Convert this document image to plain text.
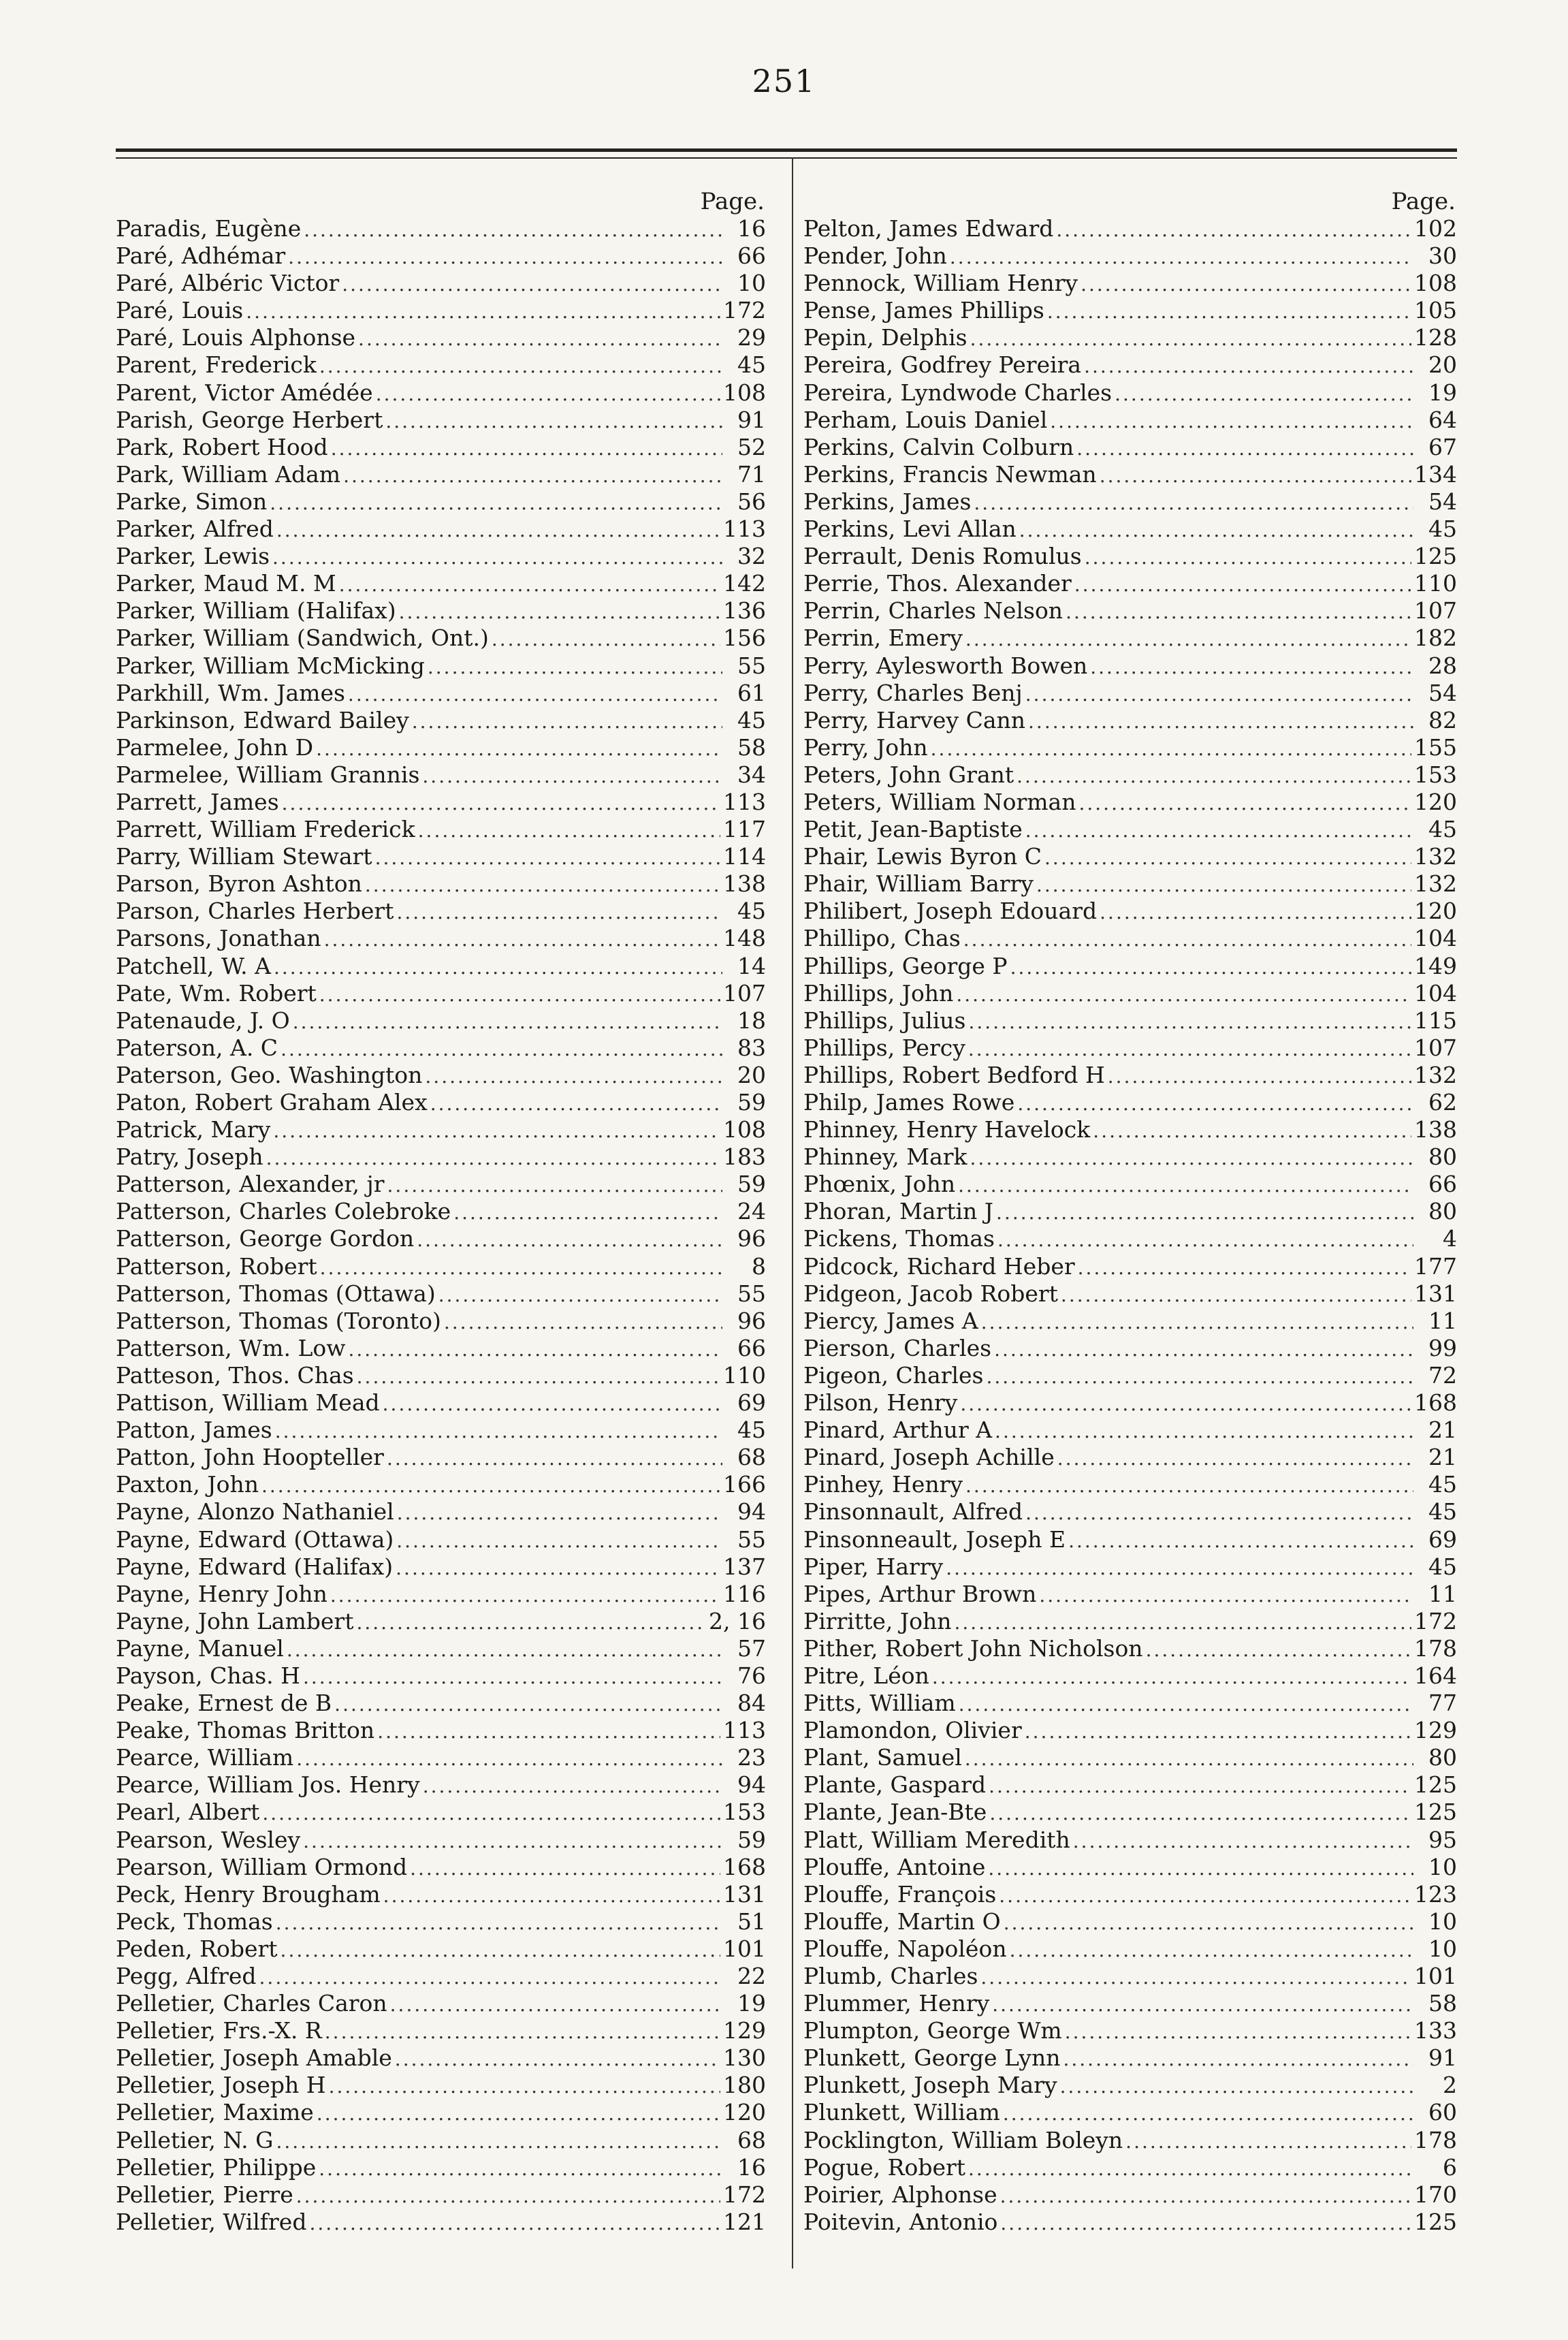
251
Page.
Paradis, Eugène .....	16
Paré, Adhémar .....	66
Paré, Albéric Victor .....	10
Paré, Louis .....	172
Paré, Louis Alphonse .....	29
Parent, Frederick .....	45
Parent, Victor Amédée .....	108
Parish, George Herbert .....	91
Park, Robert Hood .....	52
Park, William Adam .....	71
Parke, Simon .....	56
Parker, Alfred .....	113
Parker, Lewis .....	32
Parker, Maud M. M .....	142
Parker, William (Halifax) .....	136
Parker, William (Sandwich, Ont.) .....	156
Parker, William McMicking .....	55
Parkhill, Wm. James .....	61
Parkinson, Edward Bailey .....	45
Parmelee, John D .....	58
Parmelee, William Grannis .....	34
Parrett, James .....	113
Parrett, William Frederick .....	117
Parry, William Stewart .....	114
Parson, Byron Ashton .....	138
Parson, Charles Herbert .....	45
Parsons, Jonathan .....	148
Patchell, W. A .....	14
Pate, Wm. Robert .....	107
Patenaude, J. O .....	18
Paterson, A. C .....	83
Paterson, Geo. Washington .....	20
Paton, Robert Graham Alex .....	59
Patrick, Mary .....	108
Patry, Joseph .....	183
Patterson, Alexander, jr .....	59
Patterson, Charles Colebroke .....	24
Patterson, George Gordon .....	96
Patterson, Robert .....	8
Patterson, Thomas (Ottawa) .....	55
Patterson, Thomas (Toronto) .....	96
Patterson, Wm. Low .....	66
Patteson, Thos. Chas .....	110
Pattison, William Mead .....	69
Patton, James .....	45
Patton, John Hoopteller .....	68
Paxton, John .....	166
Payne, Alonzo Nathaniel .....	94
Payne, Edward (Ottawa) .....	55
Payne, Edward (Halifax) .....	137
Payne, Henry John .....	116
Payne, John Lambert .....	2, 16
Payne, Manuel .....	57
Payson, Chas. H .....	76
Peake, Ernest de B .....	84
Peake, Thomas Britton .....	113
Pearce, William .....	23
Pearce, William Jos. Henry .....	94
Pearl, Albert .....	153
Pearson, Wesley .....	59
Pearson, William Ormond .....	168
Peck, Henry Brougham .....	131
Peck, Thomas .....	51
Peden, Robert .....	101
Pegg, Alfred .....	22
Pelletier, Charles Caron .....	19
Pelletier, Frs.-X. R .....	129
Pelletier, Joseph Amable .....	130
Pelletier, Joseph H .....	180
Pelletier, Maxime .....	120
Pelletier, N. G .....	68
Pelletier, Philippe .....	16
Pelletier, Pierre .....	172
Pelletier, Wilfred .....	121
Page.
Pelton, James Edward .....	102
Pender, John .....	30
Pennock, William Henry .....	108
Pense, James Phillips .....	105
Pepin, Delphis .....	128
Pereira, Godfrey Pereira .....	20
Pereira, Lyndwode Charles .....	19
Perham, Louis Daniel .....	64
Perkins, Calvin Colburn .....	67
Perkins, Francis Newman .....	134
Perkins, James .....	54
Perkins, Levi Allan .....	45
Perrault, Denis Romulus .....	125
Perrie, Thos. Alexander .....	110
Perrin, Charles Nelson .....	107
Perrin, Emery .....	182
Perry, Aylesworth Bowen .....	28
Perry, Charles Benj .....	54
Perry, Harvey Cann .....	82
Perry, John .....	155
Peters, John Grant .....	153
Peters, William Norman .....	120
Petit, Jean-Baptiste .....	45
Phair, Lewis Byron C .....	132
Phair, William Barry .....	132
Philibert, Joseph Edouard .....	120
Phillipo, Chas .....	104
Phillips, George P .....	149
Phillips, John .....	104
Phillips, Julius .....	115
Phillips, Percy .....	107
Phillips, Robert Bedford H .....	132
Philp, James Rowe .....	62
Phinney, Henry Havelock .....	138
Phinney, Mark .....	80
Phœnix, John .....	66
Phoran, Martin J .....	80
Pickens, Thomas .....	4
Pidcock, Richard Heber .....	177
Pidgeon, Jacob Robert .....	131
Piercy, James A .....	11
Pierson, Charles .....	99
Pigeon, Charles .....	72
Pilson, Henry .....	168
Pinard, Arthur A .....	21
Pinard, Joseph Achille .....	21
Pinhey, Henry .....	45
Pinsonnault, Alfred .....	45
Pinsonneault, Joseph E .....	69
Piper, Harry .....	45
Pipes, Arthur Brown .....	11
Pirritte, John .....	172
Pither, Robert John Nicholson .....	178
Pitre, Léon .....	164
Pitts, William .....	77
Plamondon, Olivier .....	129
Plant, Samuel .....	80
Plante, Gaspard .....	125
Plante, Jean-Bte .....	125
Platt, William Meredith .....	95
Plouffe, Antoine .....	10
Plouffe, François .....	123
Plouffe, Martin O .....	10
Plouffe, Napoléon .....	10
Plumb, Charles .....	101
Plummer, Henry .....	58
Plumpton, George Wm .....	133
Plunkett, George Lynn .....	91
Plunkett, Joseph Mary .....	2
Plunkett, William .....	60
Pocklington, William Boleyn .....	178
Pogue, Robert .....	6
Poirier, Alphonse .....	170
Poitevin, Antonio .....	125
